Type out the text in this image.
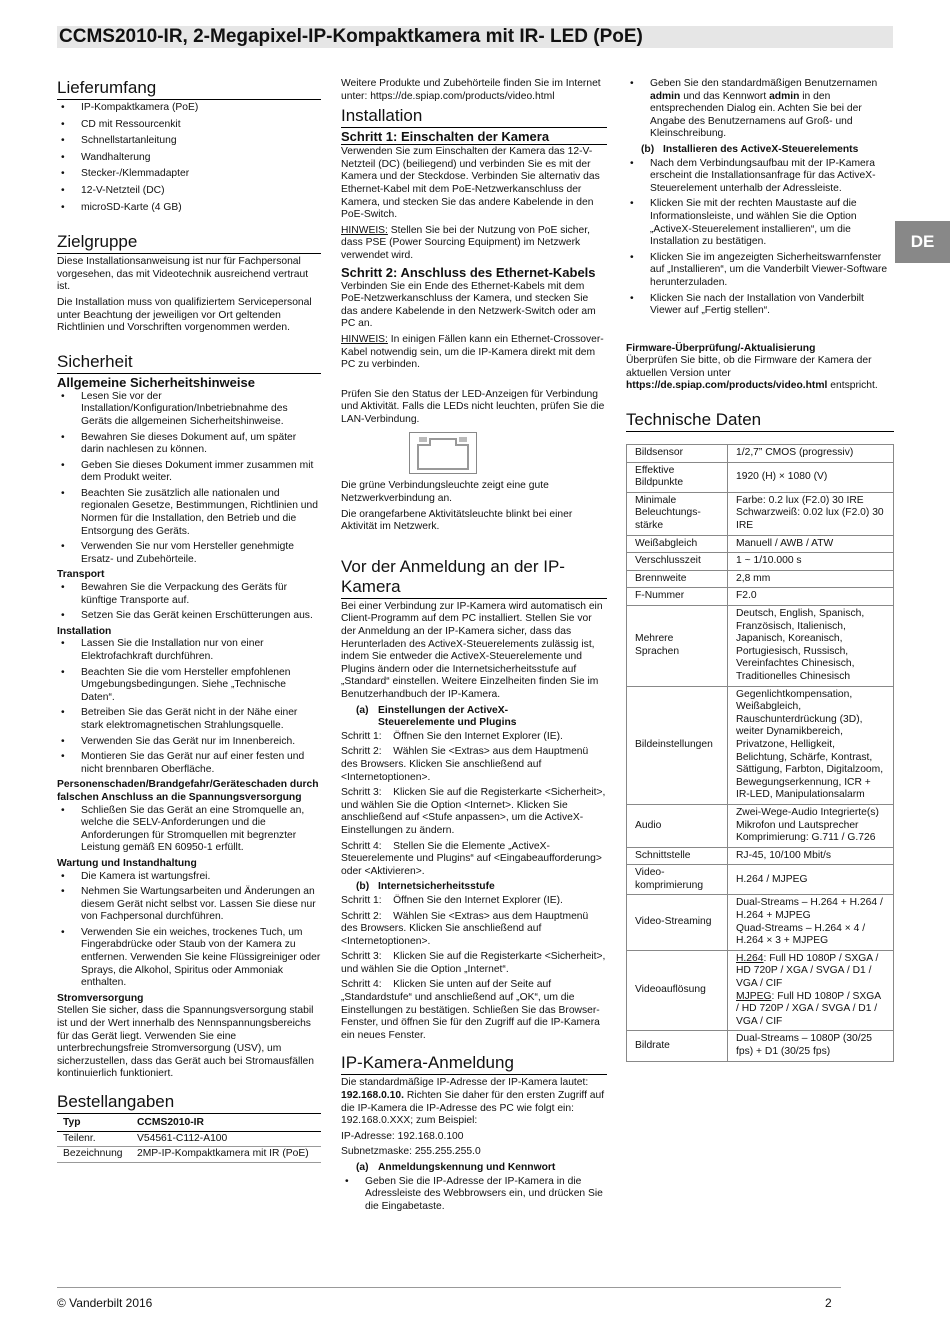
CCMS2010-IR, 2-Megapixel-IP-Kompaktkamera mit IR- LED (PoE)
DE
Lieferumfang
• IP-Kompaktkamera (PoE)
• CD mit Ressourcenkit
• Schnellstartanleitung
• Wandhalterung
• Stecker-/Klemmadapter
• 12-V-Netzteil (DC)
• microSD-Karte (4 GB)
Zielgruppe

Diese Installationsanweisung ist nur für Fachpersonal vorgesehen, das mit Videotechnik ausreichend vertraut ist.

Die Installation muss von qualifiziertem Servicepersonal unter Beachtung der jeweiligen vor Ort geltenden Richtlinien und Vorschriften vorgenommen werden.

Sicherheit
Allgemeine Sicherheitshinweise
• Lesen Sie vor der Installation/Konfiguration/Inbetriebnahme des Geräts die allgemeinen Sicherheitshinweise.
• Bewahren Sie dieses Dokument auf, um später darin nachlesen zu können.
• Geben Sie dieses Dokument immer zusammen mit dem Produkt weiter.
• Beachten Sie zusätzlich alle nationalen und regionalen Gesetze, Bestimmungen, Richtlinien und Normen für die Installation, den Betrieb und die Entsorgung des Geräts.
• Verwenden Sie nur vom Hersteller genehmigte Ersatz- und Zubehörteile.
Transport
• Bewahren Sie die Verpackung des Geräts für künftige Transporte auf.
• Setzen Sie das Gerät keinen Erschütterungen aus.
Installation
• Lassen Sie die Installation nur von einer Elektrofachkraft durchführen.
• Beachten Sie die vom Hersteller empfohlenen Umgebungsbedingungen. Siehe „Technische Daten“.
• Betreiben Sie das Gerät nicht in der Nähe einer stark elektromagnetischen Strahlungsquelle.
• Verwenden Sie das Gerät nur im Innenbereich.
• Montieren Sie das Gerät nur auf einer festen und nicht brennbaren Oberfläche.
Personenschaden/Brandgefahr/Geräteschaden durch falschen Anschluss an die Spannungsversorgung
• Schließen Sie das Gerät an eine Stromquelle an, welche die SELV-Anforderungen und die Anforderungen für Stromquellen mit begrenzter Leistung gemäß EN 60950-1 erfüllt.
Wartung und Instandhaltung
• Die Kamera ist wartungsfrei.
• Nehmen Sie Wartungsarbeiten und Änderungen an diesem Gerät nicht selbst vor. Lassen Sie diese nur von Fachpersonal durchführen.
• Verwenden Sie ein weiches, trockenes Tuch, um Fingerabdrücke oder Staub von der Kamera zu entfernen. Verwenden Sie keine Flüssigreiniger oder Sprays, die Alkohol, Spiritus oder Ammoniak enthalten.
Stromversorgung

Stellen Sie sicher, dass die Spannungsversorgung stabil ist und der Wert innerhalb des Nennspannungsbereichs für das Gerät liegt. Verwenden Sie eine unterbrechungsfreie Stromversorgung (USV), um sicherzustellen, dass das Gerät auch bei Stromausfällen kontinuierlich funktioniert.

Bestellangaben
Typ	CCMS2010-IR
Teilenr.	V54561-C112-A100
Bezeichnung	2MP-IP-Kompaktkamera mit IR (PoE)

Weitere Produkte und Zubehörteile finden Sie im Internet unter: https://de.spiap.com/products/video.html

Installation
Schritt 1: Einschalten der Kamera

Verwenden Sie zum Einschalten der Kamera das 12-V-Netzteil (DC) (beiliegend) und verbinden Sie es mit der Kamera und der Steckdose. Verbinden Sie alternativ das Ethernet-Kabel mit dem PoE-Netzwerkanschluss der Kamera, und stecken Sie das andere Kabelende in den PoE-Switch.

HINWEIS: Stellen Sie bei der Nutzung von PoE sicher, dass PSE (Power Sourcing Equipment) im Netzwerk verwendet wird.

Schritt 2: Anschluss des Ethernet-Kabels

Verbinden Sie ein Ende des Ethernet-Kabels mit dem PoE-Netzwerkanschluss der Kamera, und stecken Sie das andere Kabelende in den Netzwerk-Switch oder am PC an.

HINWEIS: In einigen Fällen kann ein Ethernet-Crossover-Kabel notwendig sein, um die IP-Kamera direkt mit dem PC zu verbinden.

Prüfen Sie den Status der LED-Anzeigen für Verbindung und Aktivität. Falls die LEDs nicht leuchten, prüfen Sie die LAN-Verbindung.

Die grüne Verbindungsleuchte zeigt eine gute Netzwerkverbindung an.

Die orangefarbene Aktivitätsleuchte blinkt bei einer Aktivität im Netzwerk.

Vor der Anmeldung an der IP-Kamera

Bei einer Verbindung zur IP-Kamera wird automatisch ein Client-Programm auf dem PC installiert. Stellen Sie vor der Anmeldung an der IP-Kamera sicher, dass das Herunterladen des ActiveX-Steuerelements zulässig ist, indem Sie entweder die ActiveX-Steuerelemente und Plugins ändern oder die Internetsicherheitsstufe auf „Standard“ einstellen. Weitere Einzelheiten finden Sie im Benutzerhandbuch der IP-Kamera.

(a) Einstellungen der ActiveX-Steuerelemente und Plugins

Schritt 1:    Öffnen Sie den Internet Explorer (IE).

Schritt 2:    Wählen Sie <Extras> aus dem Hauptmenü des Browsers. Klicken Sie anschließend auf <Internetoptionen>.

Schritt 3:    Klicken Sie auf die Registerkarte <Sicherheit>, und wählen Sie die Option <Internet>. Klicken Sie anschließend auf <Stufe anpassen>, um die ActiveX-Einstellungen zu ändern.

Schritt 4:    Stellen Sie die Elemente „ActiveX-Steuerelemente und Plugins“ auf <Eingabeaufforderung> oder <Aktivieren>.

(b) Internetsicherheitsstufe

Schritt 1:    Öffnen Sie den Internet Explorer (IE).

Schritt 2:    Wählen Sie <Extras> aus dem Hauptmenü des Browsers. Klicken Sie anschließend auf <Internetoptionen>.

Schritt 3:    Klicken Sie auf die Registerkarte <Sicherheit>, und wählen Sie die Option „Internet“.

Schritt 4:    Klicken Sie unten auf der Seite auf „Standardstufe“ und anschließend auf „OK“, um die Einstellungen zu bestätigen. Schließen Sie das Browser-Fenster, und öffnen Sie für den Zugriff auf die IP-Kamera ein neues Fenster.

IP-Kamera-Anmeldung

Die standardmäßige IP-Adresse der IP-Kamera lautet: 192.168.0.10. Richten Sie daher für den ersten Zugriff auf die IP-Kamera die IP-Adresse des PC wie folgt ein: 192.168.0.XXX; zum Beispiel:

IP-Adresse: 192.168.0.100

Subnetzmaske: 255.255.255.0

(a) Anmeldungskennung und Kennwort
• Geben Sie die IP-Adresse der IP-Kamera in die Adressleiste des Webbrowsers ein, und drücken Sie die Eingabetaste.
• Geben Sie den standardmäßigen Benutzernamen admin und das Kennwort admin in den entsprechenden Dialog ein. Achten Sie bei der Angabe des Benutzernamens auf Groß- und Kleinschreibung.
(b) Installieren des ActiveX-Steuerelements
• Nach dem Verbindungsaufbau mit der IP-Kamera erscheint die Installationsanfrage für das ActiveX-Steuerelement unterhalb der Adressleiste.
• Klicken Sie mit der rechten Maustaste auf die Informationsleiste, und wählen Sie die Option „ActiveX-Steuerelement installieren“, um die Installation zu bestätigen.
• Klicken Sie im angezeigten Sicherheitswarnfenster auf „Installieren“, um die Vanderbilt Viewer-Software herunterzuladen.
• Klicken Sie nach der Installation von Vanderbilt Viewer auf „Fertig stellen“.
Firmware-Überprüfung/-Aktualisierung

Überprüfen Sie bitte, ob die Firmware der Kamera der aktuellen Version unter https://de.spiap.com/products/video.html entspricht.

Technische Daten
Bildsensor	1/2,7” CMOS (progressiv)
Effektive Bildpunkte	1920 (H) × 1080 (V)
Minimale Beleuchtungs-stärke	Farbe: 0.2 lux (F2.0) 30 IRE
Schwarzweiß: 0.02 lux (F2.0) 30 IRE
Weißabgleich	Manuell / AWB / ATW
Verschlusszeit	1 ~ 1/10.000 s
Brennweite	2,8 mm
F-Nummer	F2.0
Mehrere Sprachen	Deutsch, English, Spanisch, Französisch, Italienisch, Japanisch, Koreanisch, Portugiesisch, Russisch, Vereinfachtes Chinesisch, Traditionelles Chinesisch
Bildeinstellungen	Gegenlichtkompensation, Weißabgleich, Rauschunterdrückung (3D), weiter Dynamikbereich, Privatzone, Helligkeit, Belichtung, Schärfe, Kontrast, Sättigung, Farbton, Digitalzoom, Bewegungserkennung, ICR + IR-LED, Manipulationsalarm
Audio	Zwei-Wege-Audio Integrierte(s) Mikrofon und Lautsprecher Komprimierung: G.711 / G.726
Schnittstelle	RJ-45, 10/100 Mbit/s
Video-komprimierung	H.264 / MJPEG
Video-Streaming	Dual-Streams – H.264 + H.264 / H.264 + MJPEG
Quad-Streams – H.264 × 4 / H.264 × 3 + MJPEG
Videoauflösung	H.264: Full HD 1080P / SXGA / HD 720P / XGA / SVGA / D1 / VGA / CIF
MJPEG: Full HD 1080P / SXGA / HD 720P / XGA / SVGA / D1 / VGA / CIF
Bildrate	Dual-Streams – 1080P (30/25 fps) + D1 (30/25 fps)
© Vanderbilt 2016	2
